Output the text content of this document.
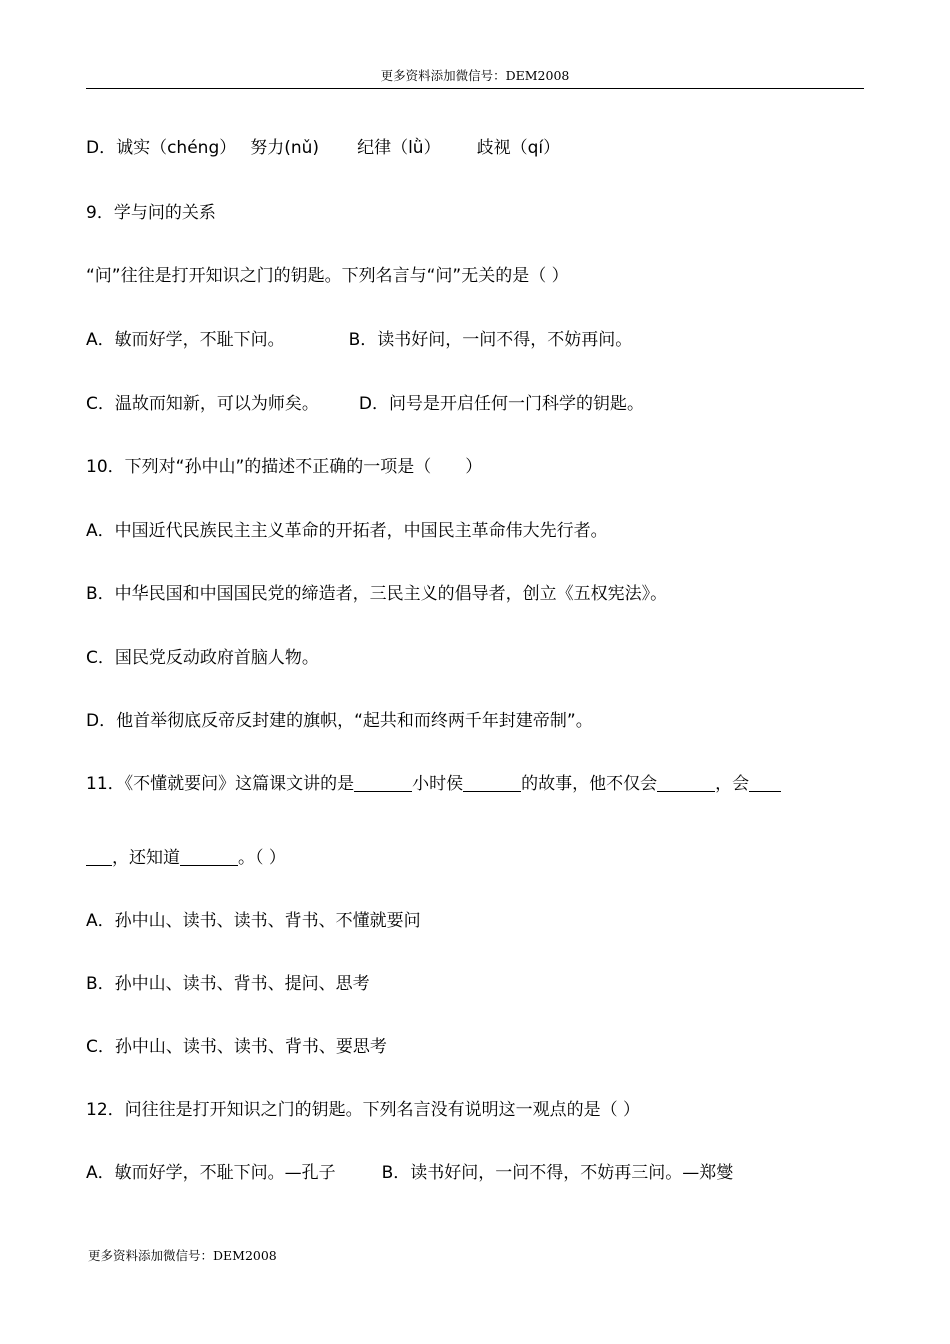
更多资料添加微信号：DEM2008
D．诚实（chéng） 努力(nǔ) 纪律（lǜ） 歧视（qí）
9．学与问的关系
“问”往往是打开知识之门的钥匙。下列名言与“问”无关的是（ ）
A．敏而好学，不耻下问。	B．读书好问，一问不得，不妨再问。
C．温故而知新，可以为师矣。 D．问号是开启任何一门科学的钥匙。
10．下列对“孙中山”的描述不正确的一项是（　　）
A．中国近代民族民主主义革命的开拓者，中国民主革命伟大先行者。
B．中华民国和中国国民党的缔造者，三民主义的倡导者，创立《五权宪法》。
C．国民党反动政府首脑人物。
D．他首举彻底反帝反封建的旗帜，“起共和而终两千年封建帝制”。
11．《不懂就要问》这篇课文讲的是	小时侯	的故事，他不仅会	，会
，还知道	。（ ）
A．孙中山、读书、读书、背书、不懂就要问
B．孙中山、读书、背书、提问、思考
C．孙中山、读书、读书、背书、要思考
12．问往往是打开知识之门的钥匙。下列名言没有说明这一观点的是（ ）
A．敏而好学，不耻下问。—孔子	B．读书好问，一问不得，不妨再三问。—郑燮
更多资料添加微信号：DEM2008
